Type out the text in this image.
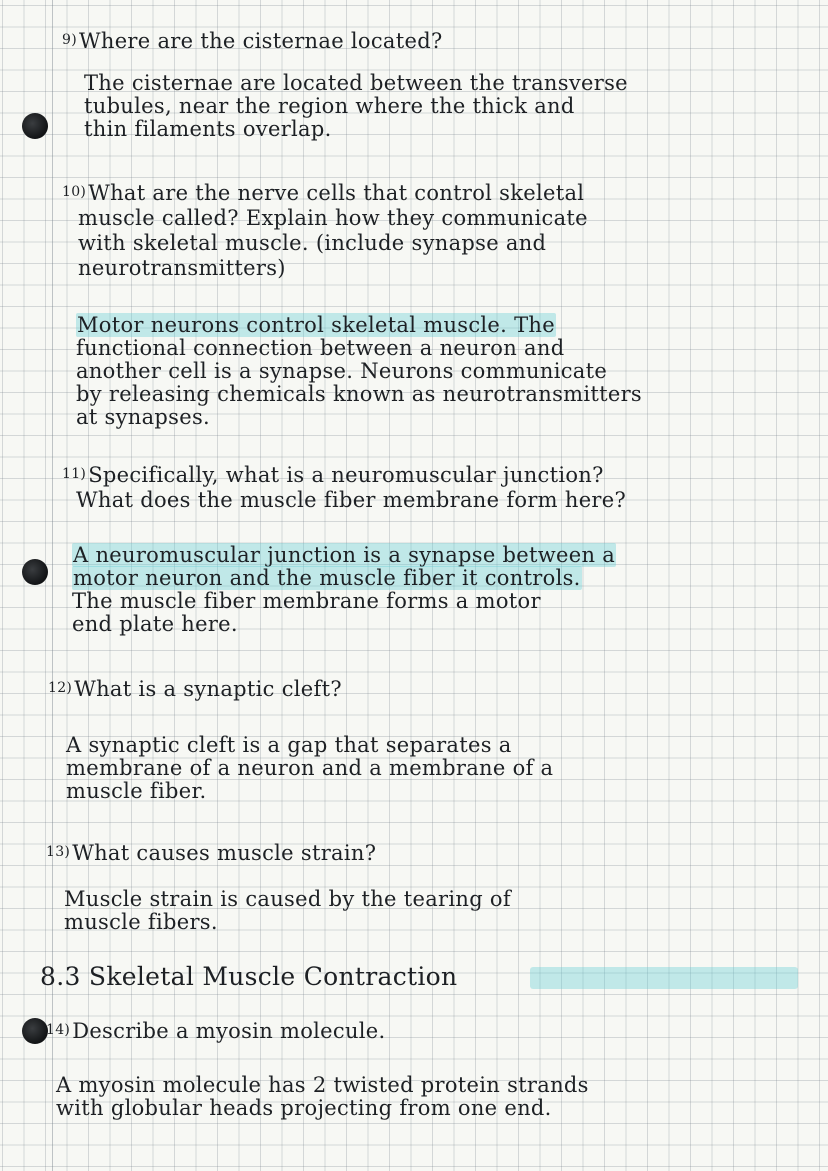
9)Where are the cisternae located?

The cisternae are located between the transverse

tubules, near the region where the thick and

thin filaments overlap.

10)What are the nerve cells that control skeletal

muscle called? Explain how they communicate

with skeletal muscle. (include synapse and

neurotransmitters)

Motor neurons control skeletal muscle. The

functional connection between a neuron and

another cell is a synapse. Neurons communicate

by releasing chemicals known as neurotransmitters

at synapses.

11)Specifically, what is a neuromuscular junction?

What does the muscle fiber membrane form here?

A neuromuscular junction is a synapse between a

motor neuron and the muscle fiber it controls.

The muscle fiber membrane forms a motor

end plate here.

12)What is a synaptic cleft?

A synaptic cleft is a gap that separates a

membrane of a neuron and a membrane of a

muscle fiber.

13)What causes muscle strain?

Muscle strain is caused by the tearing of

muscle fibers.

8.3 Skeletal Muscle Contraction

14)Describe a myosin molecule.

A myosin molecule has 2 twisted protein strands

with globular heads projecting from one end.
